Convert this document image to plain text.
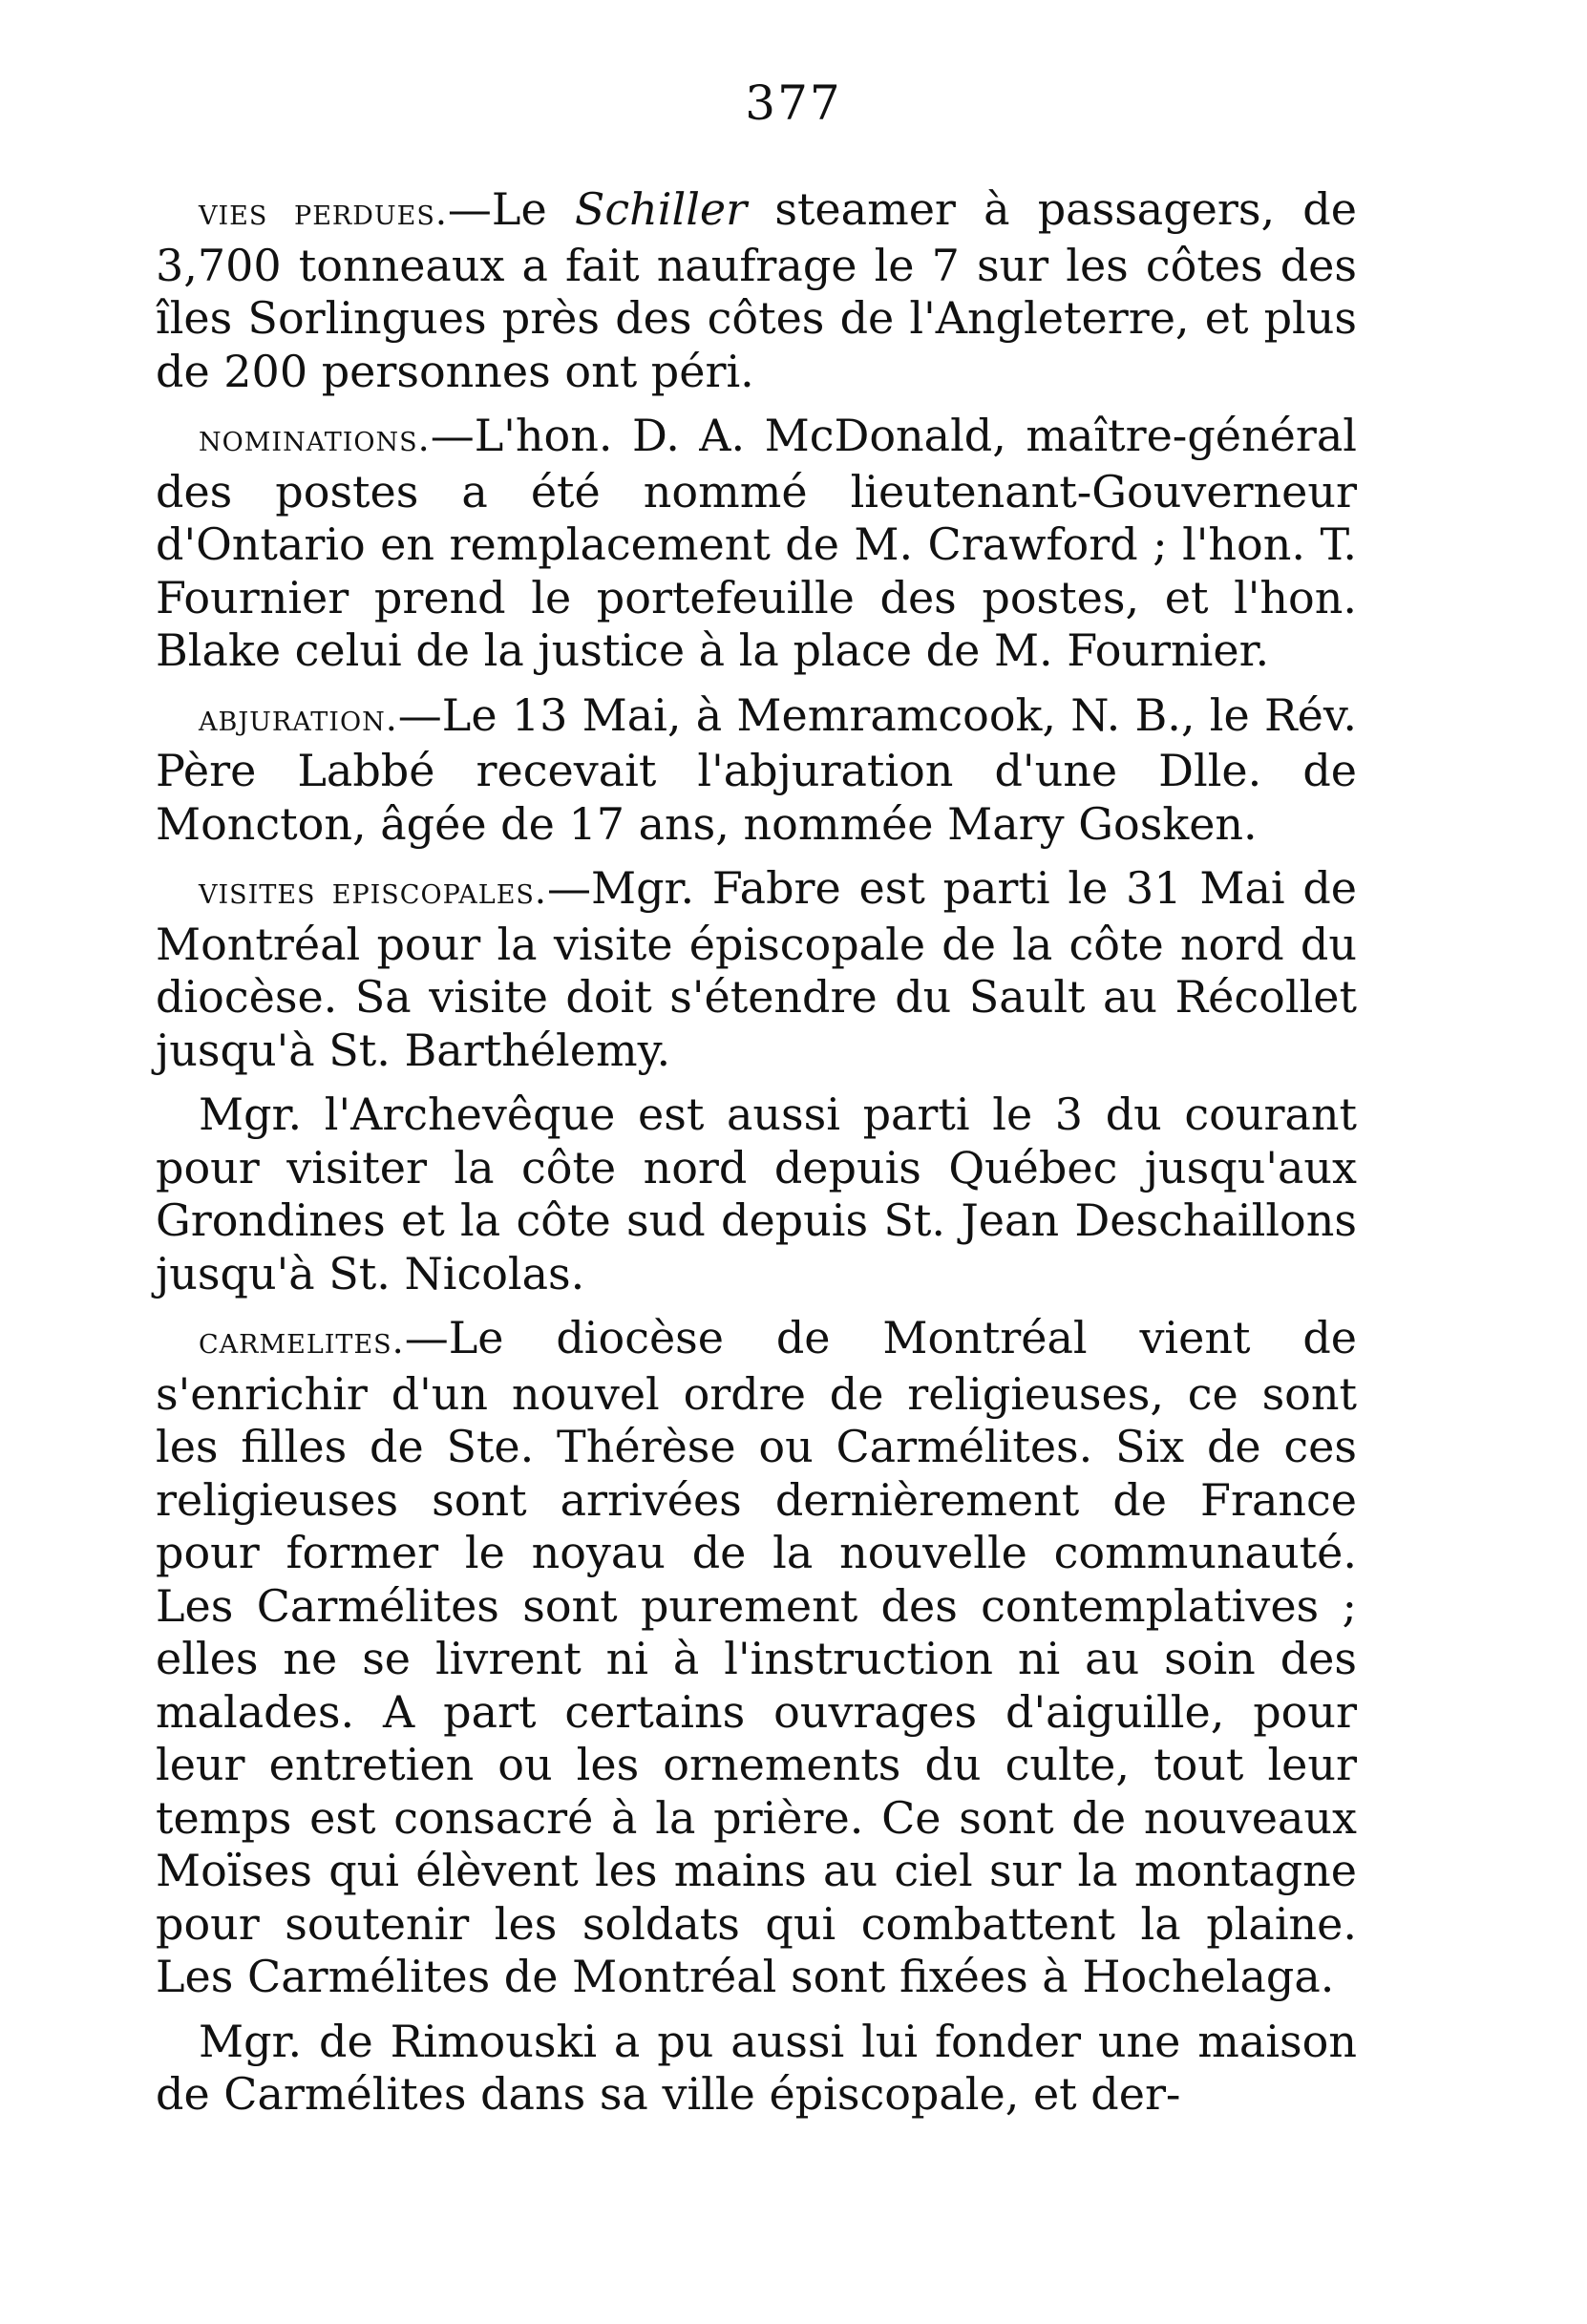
377

vies perdues.—Le Schiller steamer à passagers, de 3,700 tonneaux a fait naufrage le 7 sur les côtes des îles Sorlingues près des côtes de l'Angleterre, et plus de 200 personnes ont péri.

nominations.—L'hon. D. A. McDonald, maître-général des postes a été nommé lieutenant-Gouverneur d'Ontario en remplacement de M. Crawford ; l'hon. T. Fournier prend le portefeuille des postes, et l'hon. Blake celui de la justice à la place de M. Fournier.

abjuration.—Le 13 Mai, à Memramcook, N. B., le Rév. Père Labbé recevait l'abjuration d'une Dlle. de Moncton, âgée de 17 ans, nommée Mary Gosken.

visites episcopales.—Mgr. Fabre est parti le 31 Mai de Montréal pour la visite épiscopale de la côte nord du diocèse. Sa visite doit s'étendre du Sault au Récollet jusqu'à St. Barthélemy.

Mgr. l'Archevêque est aussi parti le 3 du courant pour visiter la côte nord depuis Québec jusqu'aux Grondines et la côte sud depuis St. Jean Deschaillons jusqu'à St. Nicolas.

carmelites.—Le diocèse de Montréal vient de s'enrichir d'un nouvel ordre de religieuses, ce sont les filles de Ste. Thérèse ou Carmélites. Six de ces religieuses sont arrivées dernièrement de France pour former le noyau de la nouvelle communauté. Les Carmélites sont purement des contemplatives ; elles ne se livrent ni à l'instruction ni au soin des malades. A part certains ouvrages d'aiguille, pour leur entretien ou les ornements du culte, tout leur temps est consacré à la prière. Ce sont de nouveaux Moïses qui élèvent les mains au ciel sur la montagne pour soutenir les soldats qui combattent la plaine. Les Carmélites de Montréal sont fixées à Hochelaga.

Mgr. de Rimouski a pu aussi lui fonder une maison de Carmélites dans sa ville épiscopale, et der-
